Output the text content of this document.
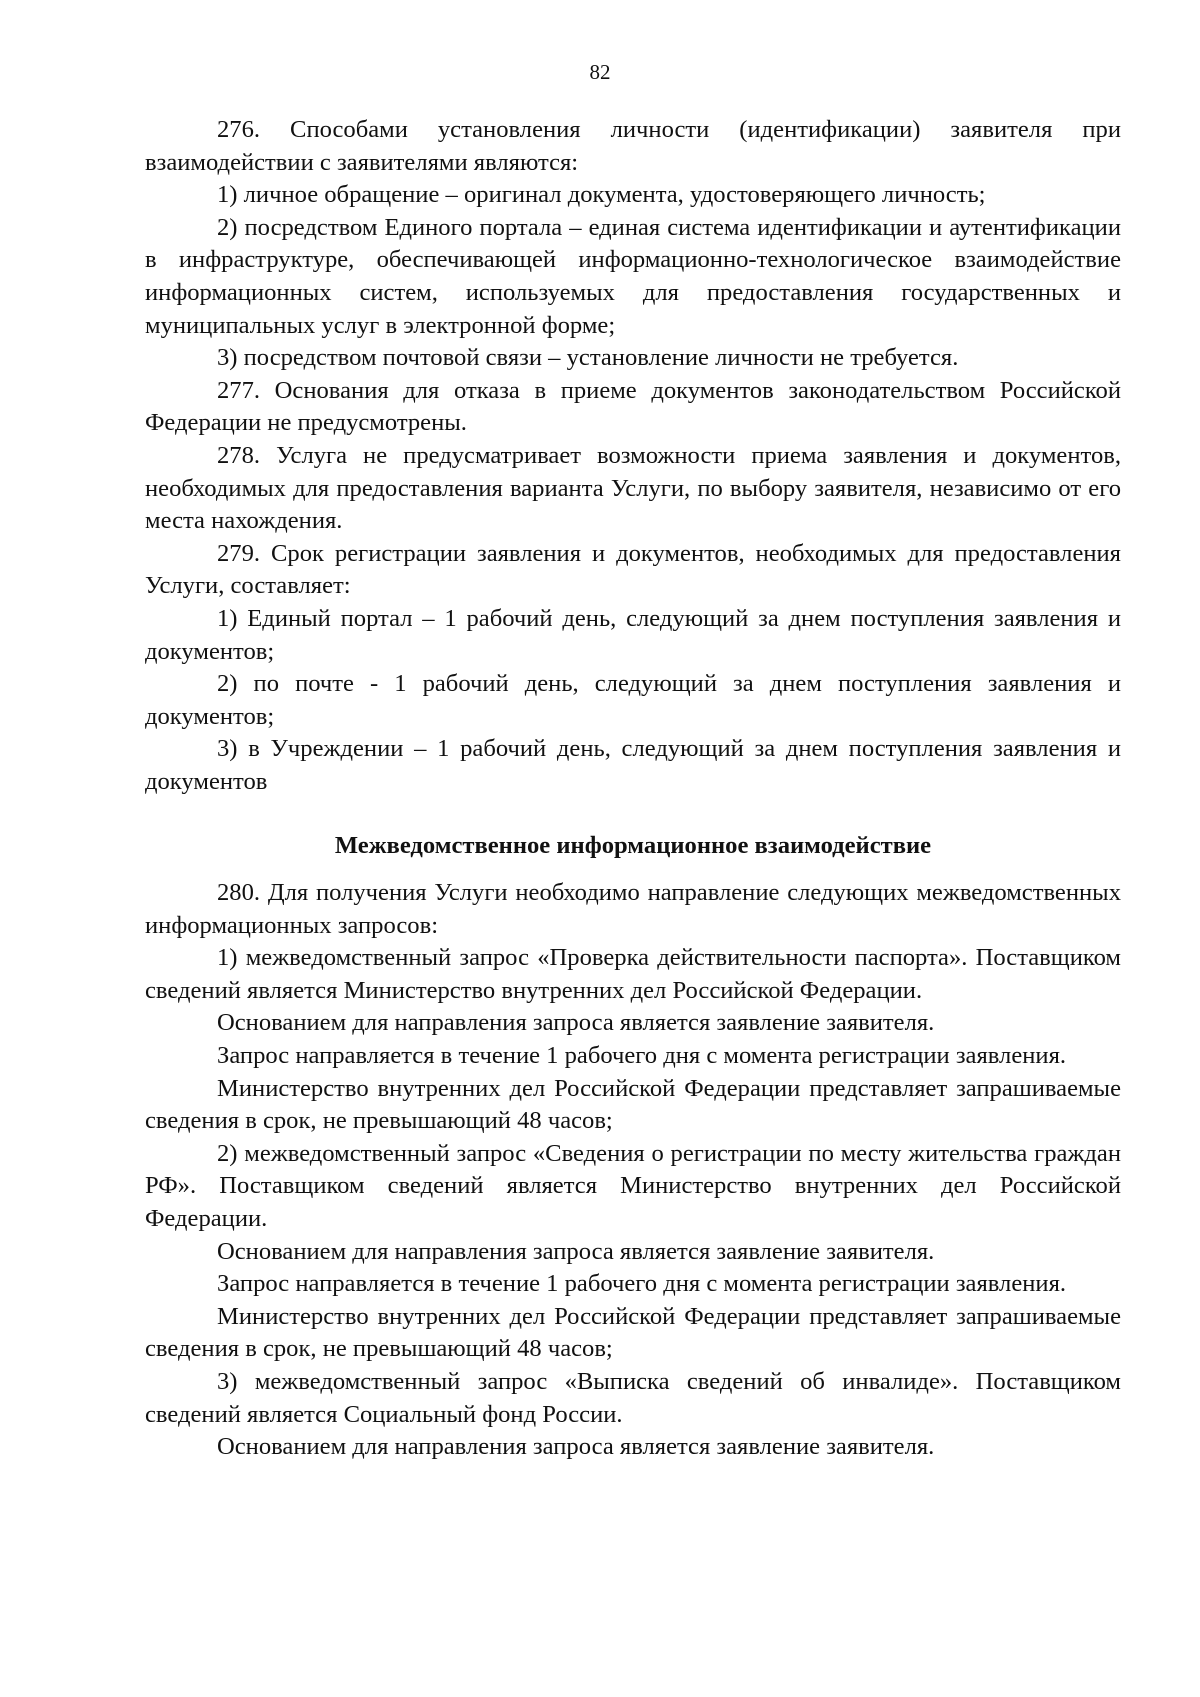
82

276. Способами установления личности (идентификации) заявителя при взаимодействии с заявителями являются:

1) личное обращение – оригинал документа, удостоверяющего личность;

2) посредством Единого портала – единая система идентификации и аутентификации в инфраструктуре, обеспечивающей информационно-технологическое взаимодействие информационных систем, используемых для предоставления государственных и муниципальных услуг в электронной форме;

3) посредством почтовой связи – установление личности не требуется.

277. Основания для отказа в приеме документов законодательством Российской Федерации не предусмотрены.

278. Услуга не предусматривает возможности приема заявления и документов, необходимых для предоставления варианта Услуги, по выбору заявителя, независимо от его места нахождения.

279. Срок регистрации заявления и документов, необходимых для предоставления Услуги, составляет:

1) Единый портал – 1 рабочий день, следующий за днем поступления заявления и документов;

2) по почте - 1 рабочий день, следующий за днем поступления заявления и документов;

3) в Учреждении – 1 рабочий день, следующий за днем поступления заявления и документов

Межведомственное информационное взаимодействие

280. Для получения Услуги необходимо направление следующих межведомственных информационных запросов:

1) межведомственный запрос «Проверка действительности паспорта». Поставщиком сведений является Министерство внутренних дел Российской Федерации.

Основанием для направления запроса является заявление заявителя.

Запрос направляется в течение 1 рабочего дня с момента регистрации заявления.

Министерство внутренних дел Российской Федерации представляет запрашиваемые сведения в срок, не превышающий 48 часов;

2) межведомственный запрос «Сведения о регистрации по месту жительства граждан РФ». Поставщиком сведений является Министерство внутренних дел Российской Федерации.

Основанием для направления запроса является заявление заявителя.

Запрос направляется в течение 1 рабочего дня с момента регистрации заявления.

Министерство внутренних дел Российской Федерации представляет запрашиваемые сведения в срок, не превышающий 48 часов;

3) межведомственный запрос «Выписка сведений об инвалиде». Поставщиком сведений является Социальный фонд России.

Основанием для направления запроса является заявление заявителя.
